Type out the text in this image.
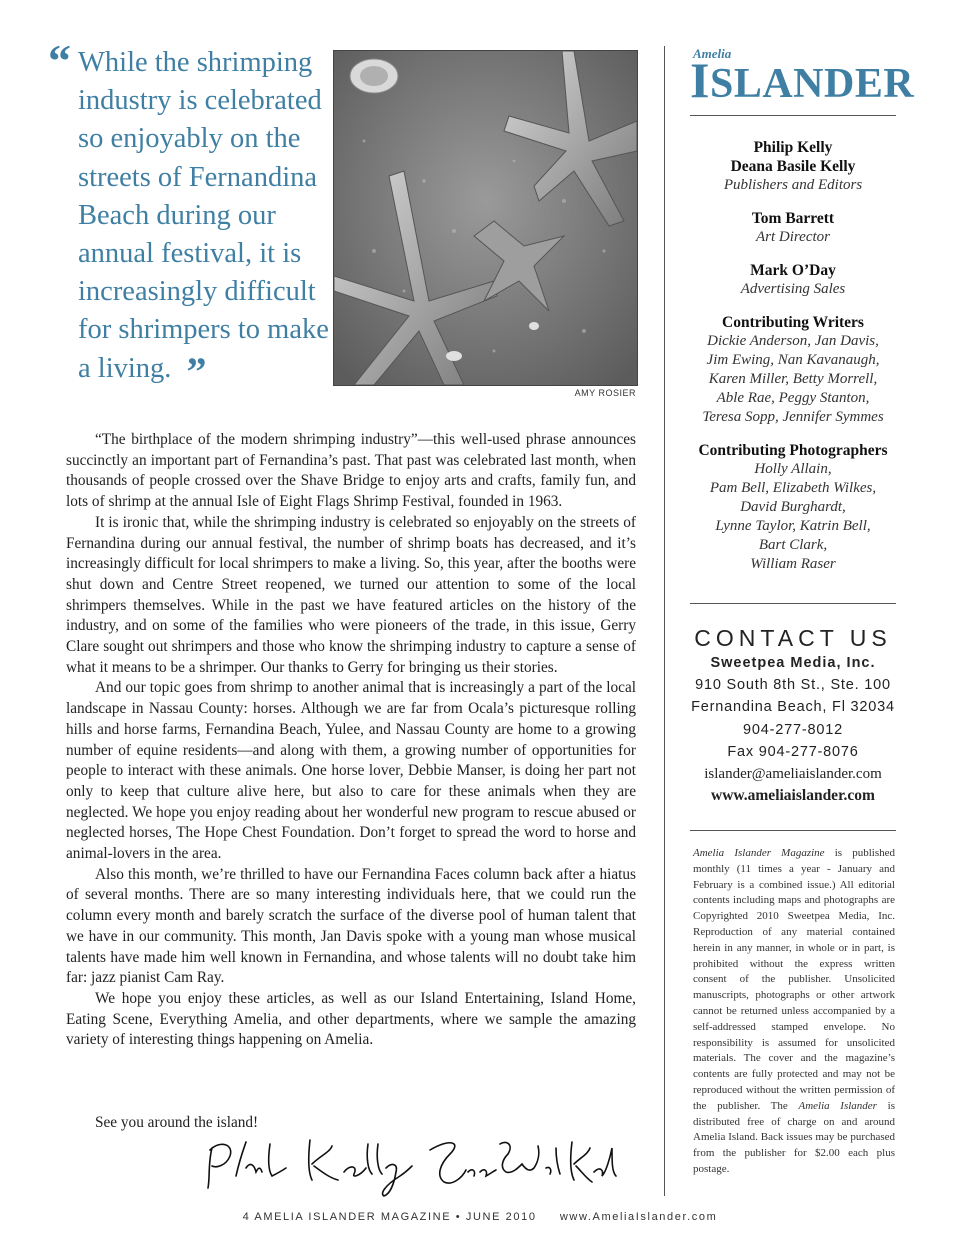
“ While the shrimping industry is celebrated so enjoyably on the streets of Fernandina Beach during our annual festival, it is increasingly difficult for shrimpers to make a living. ”	AMY ROSIER

“The birthplace of the modern shrimping industry”—this well-used phrase announces succinctly an important part of Fernandina’s past. That past was celebrated last month, when thousands of people crossed over the Shave Bridge to enjoy arts and crafts, family fun, and lots of shrimp at the annual Isle of Eight Flags Shrimp Festival, founded in 1963.

It is ironic that, while the shrimping industry is celebrated so enjoyably on the streets of Fernandina during our annual festival, the number of shrimp boats has decreased, and it’s increasingly difficult for local shrimpers to make a living. So, this year, after the booths were shut down and Centre Street reopened, we turned our attention to some of the local shrimpers themselves. While in the past we have featured articles on the history of the industry, and on some of the families who were pioneers of the trade, in this issue, Gerry Clare sought out shrimpers and those who know the shrimping industry to capture a sense of what it means to be a shrimper. Our thanks to Gerry for bringing us their stories.

And our topic goes from shrimp to another animal that is increasingly a part of the local landscape in Nassau County: horses. Although we are far from Ocala’s picturesque rolling hills and horse farms, Fernandina Beach, Yulee, and Nassau County are home to a growing number of equine residents—and along with them, a growing number of opportunities for people to interact with these animals. One horse lover, Debbie Manser, is doing her part not only to keep that culture alive here, but also to care for these animals when they are neglected. We hope you enjoy reading about her wonderful new program to rescue abused or neglected horses, The Hope Chest Foundation. Don’t forget to spread the word to horse and animal-lovers in the area.

Also this month, we’re thrilled to have our Fernandina Faces column back after a hiatus of several months. There are so many interesting individuals here, that we could run the column every month and barely scratch the surface of the diverse pool of human talent that we have in our community. This month, Jan Davis spoke with a young man whose musical talents have made him well known in Fernandina, and whose talents will no doubt take him far: jazz pianist Cam Ray.

We hope you enjoy these articles, as well as our Island Entertaining, Island Home, Eating Scene, Everything Amelia, and other departments, where we sample the amazing variety of interesting things happening on Amelia.

See you around the island!
Amelia
ISLANDER
Philip Kelly
Deana Basile Kelly
Publishers and Editors
Tom Barrett
Art Director
Mark O’Day
Advertising Sales
Contributing Writers
Dickie Anderson, Jan Davis,
Jim Ewing, Nan Kavanaugh,
Karen Miller, Betty Morrell,
Able Rae, Peggy Stanton,
Teresa Sopp, Jennifer Symmes
Contributing Photographers
Holly Allain,
Pam Bell, Elizabeth Wilkes,
David Burghardt,
Lynne Taylor, Katrin Bell,
Bart Clark,
William Raser
CONTACT US
Sweetpea Media, Inc.
910 South 8th St., Ste. 100
Fernandina Beach, Fl 32034
904-277-8012
Fax 904-277-8076
islander@ameliaislander.com
www.ameliaislander.com
Amelia Islander Magazine is published monthly (11 times a year - January and February is a combined issue.) All editorial contents including maps and photographs are Copyrighted 2010 Sweetpea Media, Inc. Reproduction of any material contained herein in any manner, in whole or in part, is prohibited without the express written consent of the publisher. Unsolicited manuscripts, photographs or other artwork cannot be returned unless accompanied by a self-addressed stamped envelope. No responsibility is assumed for unsolicited materials. The cover and the magazine’s contents are fully protected and may not be reproduced without the written permission of the publisher. The Amelia Islander is distributed free of charge on and around Amelia Island. Back issues may be purchased from the publisher for $2.00 each plus postage.
4 AMELIA ISLANDER MAGAZINE • JUNE 2010 www.AmeliaIslander.com
